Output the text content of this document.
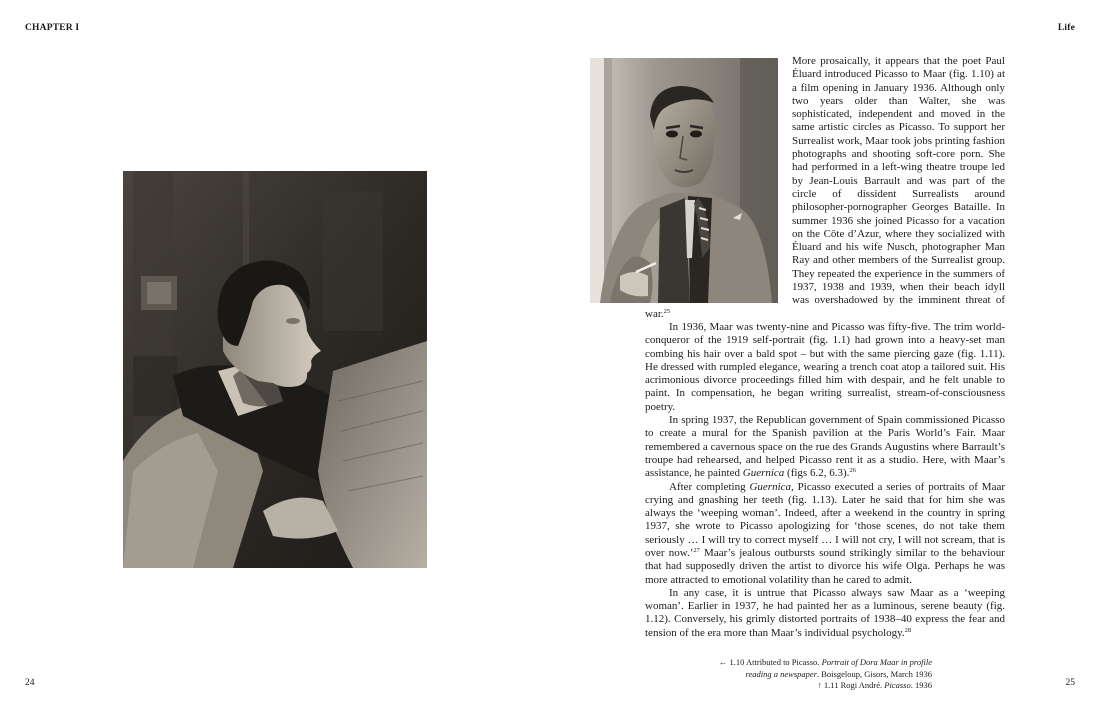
CHAPTER I	Life

More prosaically, it appears that the poet Paul Éluard introduced Picasso to Maar (fig. 1.10) at a film opening in January 1936. Although only two years older than Walter, she was sophisticated, independent and moved in the same artistic circles as Picasso. To support her Surrealist work, Maar took jobs printing fashion photographs and shooting soft-core porn. She had performed in a left-wing theatre troupe led by Jean-Louis Barrault and was part of the circle of dissident Surrealists around philosopher-pornographer Georges Bataille. In summer 1936 she joined Picasso for a vacation on the Côte d’Azur, where they socialized with Éluard and his wife Nusch, photographer Man Ray and other members of the Surrealist group. They repeated the experience in the summers of 1937, 1938 and 1939, when their beach idyll was overshadowed by the imminent threat of war.$^{25}$

In 1936, Maar was twenty-nine and Picasso was fifty-five. The trim world-conqueror of the 1919 self-portrait (fig. 1.1) had grown into a heavy-set man combing his hair over a bald spot – but with the same piercing gaze (fig. 1.11). He dressed with rumpled elegance, wearing a trench coat atop a tailored suit. His acrimonious divorce proceedings filled him with despair, and he felt unable to paint. In compensation, he began writing surrealist, stream-of-consciousness poetry.

In spring 1937, the Republican government of Spain commissioned Picasso to create a mural for the Spanish pavilion at the Paris World’s Fair. Maar remembered a cavernous space on the rue des Grands Augustins where Barrault’s troupe had rehearsed, and helped Picasso rent it as a studio. Here, with Maar’s assistance, he painted Guernica (figs 6.2, 6.3).$^{26}$

After completing Guernica, Picasso executed a series of portraits of Maar crying and gnashing her teeth (fig. 1.13). Later he said that for him she was always the ‘weeping woman’. Indeed, after a weekend in the country in spring 1937, she wrote to Picasso apologizing for ‘those scenes, do not take them seriously … I will try to correct myself … I will not cry, I will not scream, that is over now.’$^{27}$ Maar’s jealous outbursts sound strikingly similar to the behaviour that had supposedly driven the artist to divorce his wife Olga. Perhaps he was more attracted to emotional volatility than he cared to admit.

In any case, it is untrue that Picasso always saw Maar as a ‘weeping woman’. Earlier in 1937, he had painted her as a luminous, serene beauty (fig. 1.12). Conversely, his grimly distorted portraits of 1938–40 express the fear and tension of the era more than Maar’s individual psychology.$^{28}$

← 1.10 Attributed to Picasso. Portrait of Dora Maar in profile reading a newspaper. Boisgeloup, Gisors, March 1936
↑ 1.11 Rogi André. Picasso. 1936
24	25
